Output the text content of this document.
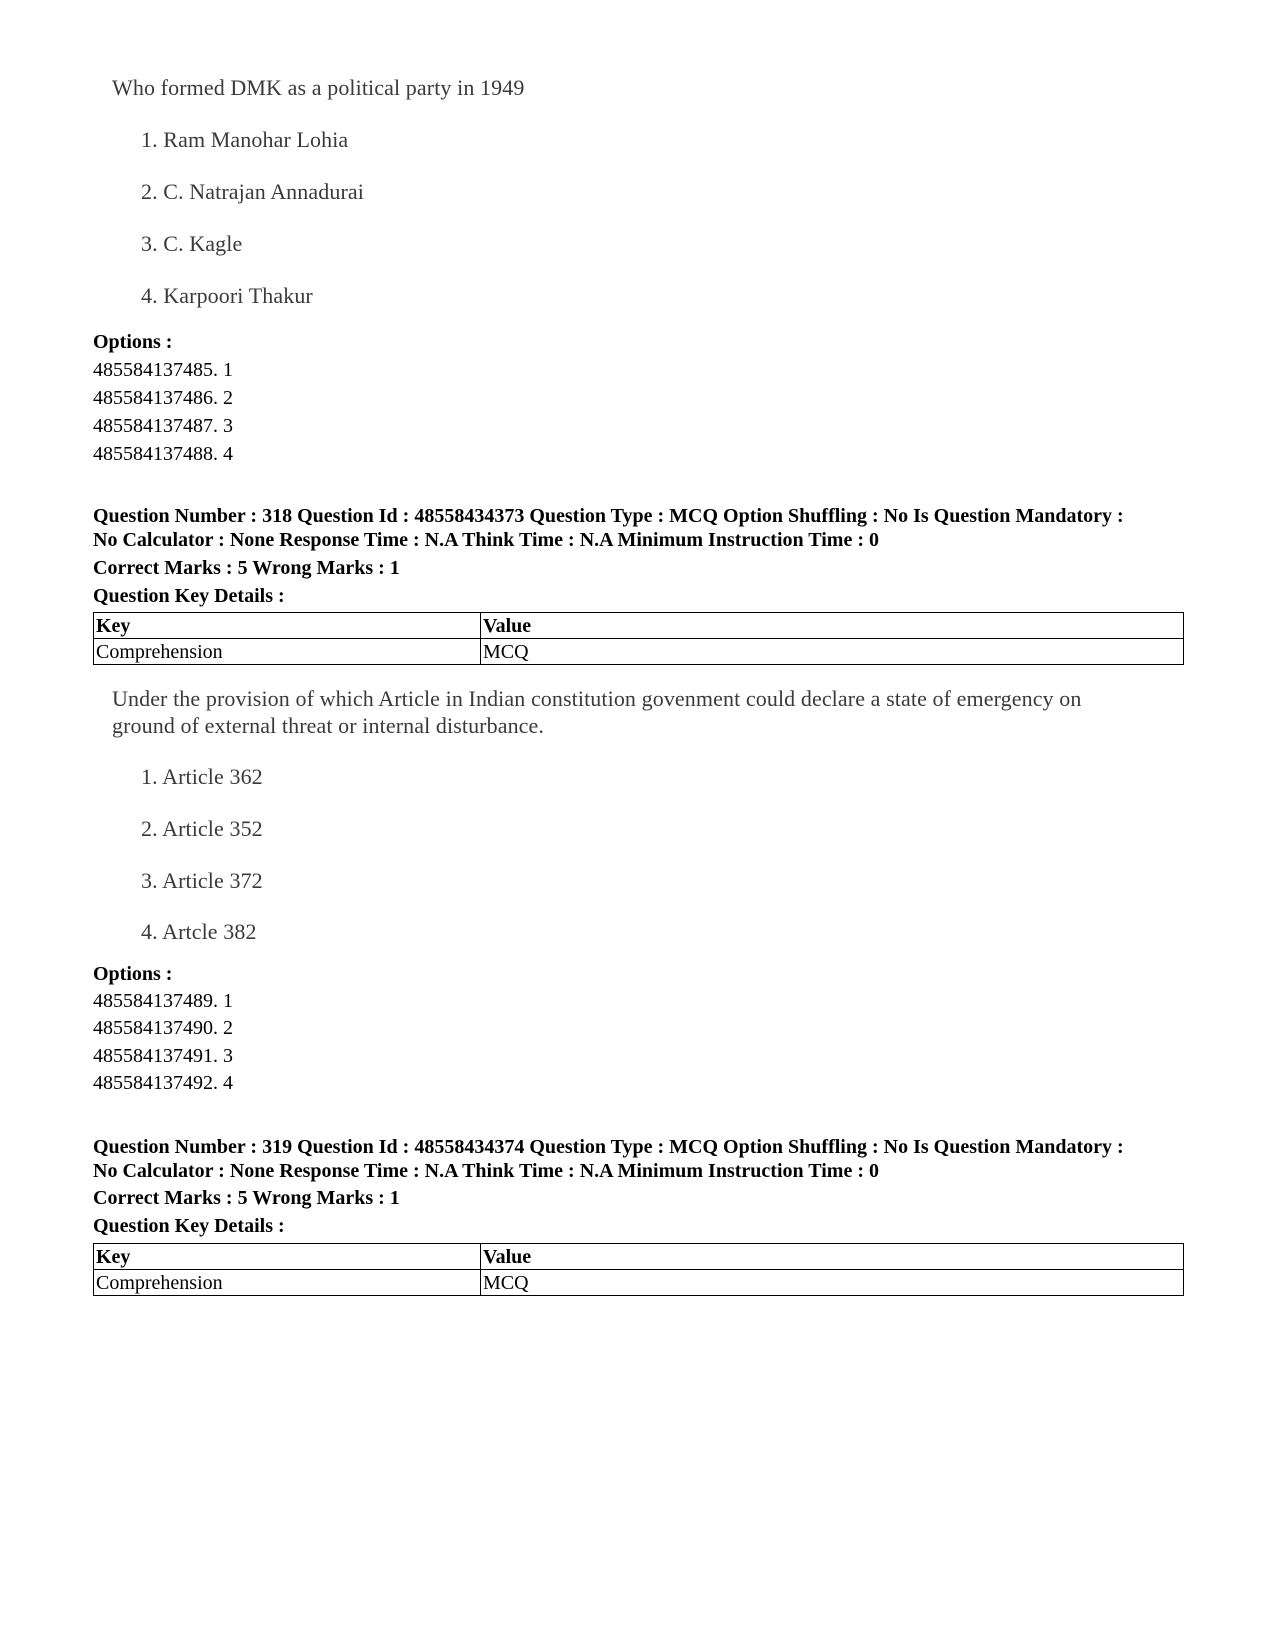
Who formed DMK as a political party in 1949
1. Ram Manohar Lohia
2. C. Natrajan Annadurai
3. C. Kagle
4. Karpoori Thakur
Options :
485584137485. 1
485584137486. 2
485584137487. 3
485584137488. 4
Question Number : 318 Question Id : 48558434373 Question Type : MCQ Option Shuffling : No Is Question Mandatory :
No Calculator : None Response Time : N.A Think Time : N.A Minimum Instruction Time : 0
Correct Marks : 5 Wrong Marks : 1
Question Key Details :
Key	Value
Comprehension	MCQ
Under the provision of which Article in Indian constitution govenment could declare a state of emergency on
ground of external threat or internal disturbance.
1. Article 362
2. Article 352
3. Article 372
4. Artcle 382
Options :
485584137489. 1
485584137490. 2
485584137491. 3
485584137492. 4
Question Number : 319 Question Id : 48558434374 Question Type : MCQ Option Shuffling : No Is Question Mandatory :
No Calculator : None Response Time : N.A Think Time : N.A Minimum Instruction Time : 0
Correct Marks : 5 Wrong Marks : 1
Question Key Details :
Key	Value
Comprehension	MCQ
